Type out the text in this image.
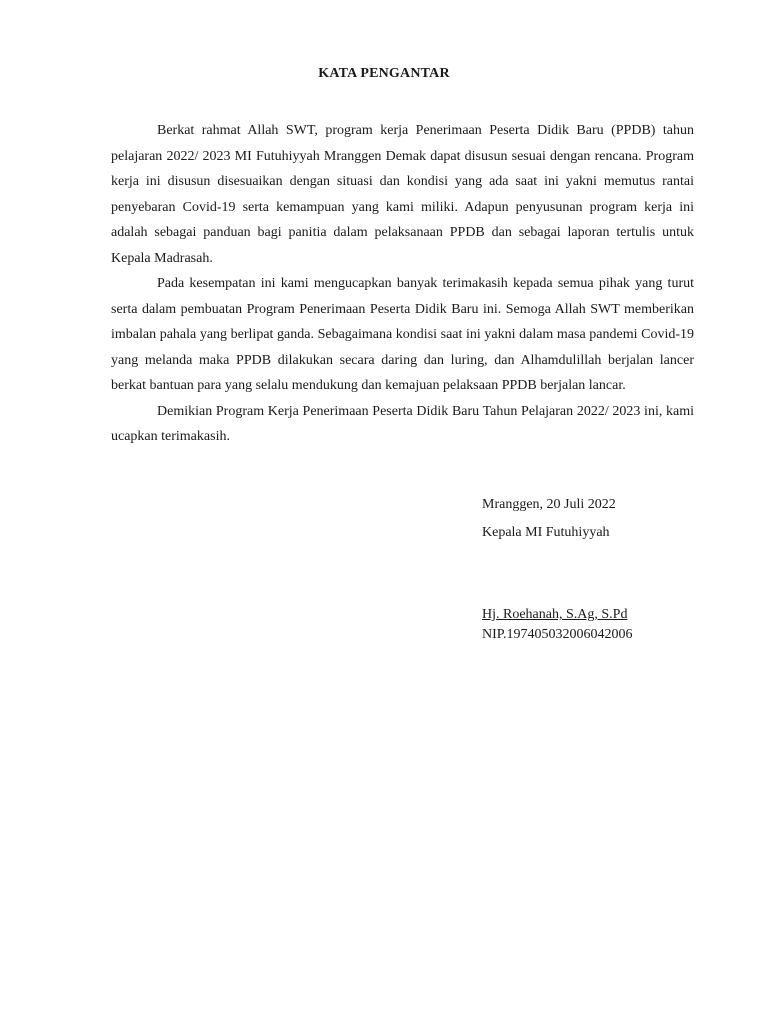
KATA PENGANTAR

Berkat rahmat Allah SWT, program kerja Penerimaan Peserta Didik Baru (PPDB) tahun pelajaran 2022/ 2023 MI Futuhiyyah Mranggen Demak dapat disusun sesuai dengan rencana. Program kerja ini disusun disesuaikan dengan situasi dan kondisi yang ada saat ini yakni memutus rantai penyebaran Covid-19 serta kemampuan yang kami miliki. Adapun penyusunan program kerja ini adalah sebagai panduan bagi panitia dalam pelaksanaan PPDB dan sebagai laporan tertulis untuk Kepala Madrasah.

Pada kesempatan ini kami mengucapkan banyak terimakasih kepada semua pihak yang turut serta dalam pembuatan Program Penerimaan Peserta Didik Baru ini. Semoga Allah SWT memberikan imbalan pahala yang berlipat ganda. Sebagaimana kondisi saat ini yakni dalam masa pandemi Covid-19 yang melanda maka PPDB dilakukan secara daring dan luring, dan Alhamdulillah berjalan lancer berkat bantuan para yang selalu mendukung dan kemajuan pelaksaan PPDB berjalan lancar.

Demikian Program Kerja Penerimaan Peserta Didik Baru Tahun Pelajaran 2022/ 2023 ini, kami ucapkan terimakasih.

Mranggen, 20 Juli 2022
Kepala MI Futuhiyyah
Hj. Roehanah, S.Ag, S.Pd
NIP.197405032006042006
